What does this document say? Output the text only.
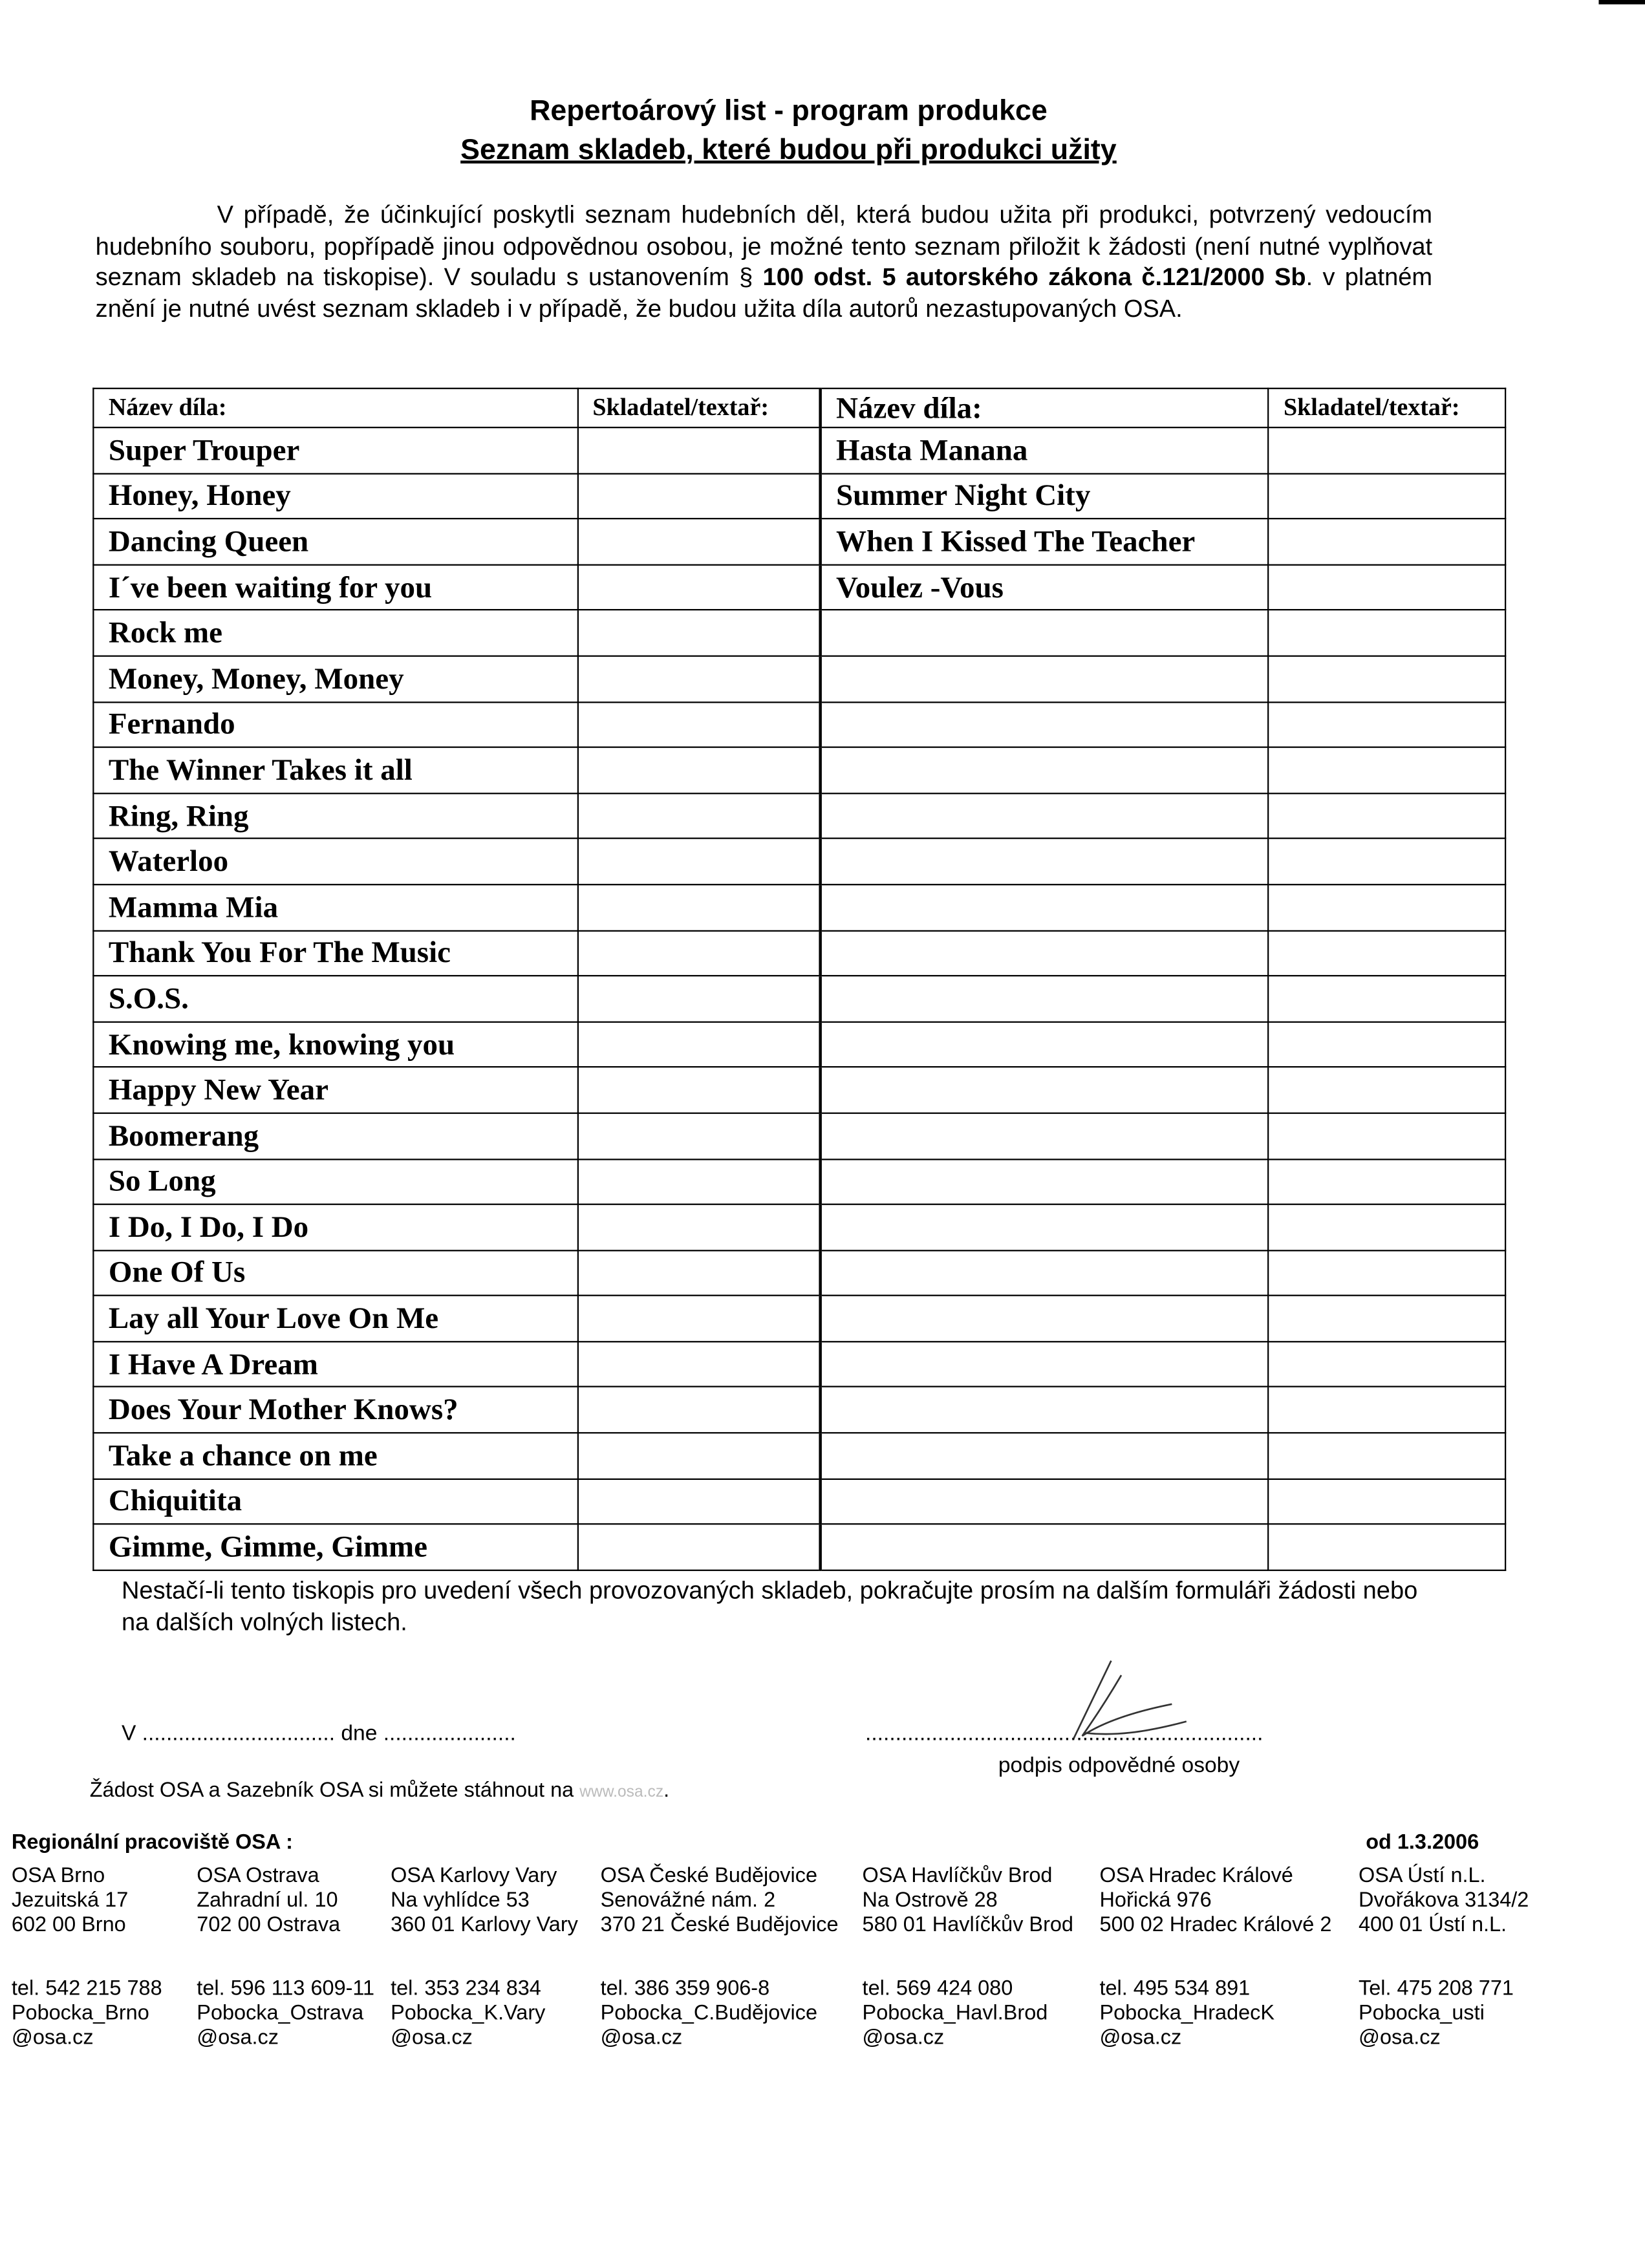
Repertoárový list - program produkce
Seznam skladeb, které budou při produkci užity
V případě, že účinkující poskytli seznam hudebních děl, která budou užita při produkci, potvrzený vedoucím hudebního souboru, popřípadě jinou odpovědnou osobou, je možné tento seznam přiložit k žádosti (není nutné vyplňovat seznam skladeb na tiskopise). V souladu s ustanovením § 100 odst. 5 autorského zákona č.121/2000 Sb. v platném znění je nutné uvést seznam skladeb i v případě, že budou užita díla autorů nezastupovaných OSA.
Název díla:	Skladatel/textař:	Název díla:	Skladatel/textař:
Super Trouper		Hasta Manana	
Honey, Honey		Summer Night City	
Dancing Queen		When I Kissed The Teacher	
I´ve been waiting for you		Voulez -Vous	
Rock me			
Money, Money, Money			
Fernando			
The Winner Takes it all			
Ring, Ring			
Waterloo			
Mamma Mia			
Thank You For The Music			
S.O.S.			
Knowing me, knowing you			
Happy New Year			
Boomerang			
So Long			
I Do, I Do, I Do			
One Of Us			
Lay all Your Love On Me			
I Have A Dream			
Does Your Mother Knows?			
Take a chance on me			
Chiquitita			
Gimme, Gimme, Gimme			
Nestačí-li tento tiskopis pro uvedení všech provozovaných skladeb, pokračujte prosím na dalším formuláři žádosti nebo na dalších volných listech.
V ................................ dne ......................	..................................................................
podpis odpovědné osoby
Žádost OSA a Sazebník OSA si můžete stáhnout na www.osa.cz.
Regionální pracoviště OSA :	od 1.3.2006
OSA Brno
Jezuitská 17
602 00 Brno
tel. 542 215 788
Pobocka_Brno
@osa.cz
OSA Ostrava
Zahradní ul. 10
702 00 Ostrava
tel. 596 113 609-11
Pobocka_Ostrava
@osa.cz
OSA Karlovy Vary
Na vyhlídce 53
360 01 Karlovy Vary
tel. 353 234 834
Pobocka_K.Vary
@osa.cz
OSA České Budějovice
Senovážné nám. 2
370 21 České Budějovice
tel. 386 359 906-8
Pobocka_C.Budějovice
@osa.cz
OSA Havlíčkův Brod
Na Ostrově 28
580 01 Havlíčkův Brod
tel. 569 424 080
Pobocka_Havl.Brod
@osa.cz
OSA Hradec Králové
Hořická 976
500 02 Hradec Králové 2
tel. 495 534 891
Pobocka_HradecK
@osa.cz
OSA Ústí n.L.
Dvořákova 3134/2
400 01 Ústí n.L.
Tel. 475 208 771
Pobocka_usti
@osa.cz
